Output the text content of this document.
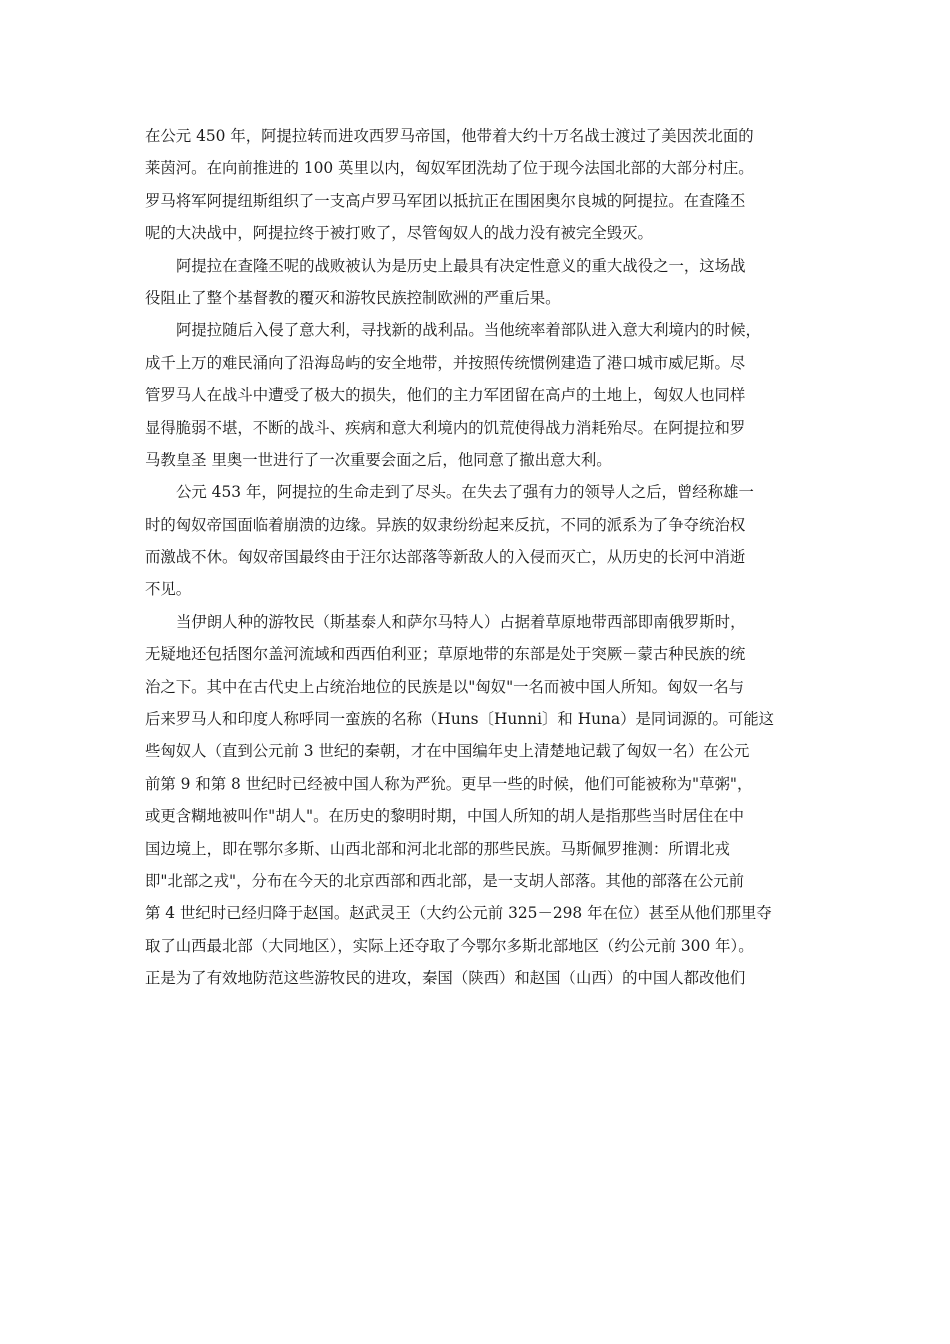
在公元 450 年，阿提拉转而进攻西罗马帝国，他带着大约十万名战士渡过了美因茨北面的
莱茵河。在向前推进的 100 英里以内，匈奴军团洗劫了位于现今法国北部的大部分村庄。
罗马将军阿提纽斯组织了一支高卢罗马军团以抵抗正在围困奥尔良城的阿提拉。在查隆丕
呢的大决战中，阿提拉终于被打败了，尽管匈奴人的战力没有被完全毁灭。

阿提拉在查隆丕呢的战败被认为是历史上最具有决定性意义的重大战役之一，这场战
役阻止了整个基督教的覆灭和游牧民族控制欧洲的严重后果。

阿提拉随后入侵了意大利，寻找新的战利品。当他统率着部队进入意大利境内的时候，
成千上万的难民涌向了沿海岛屿的安全地带，并按照传统惯例建造了港口城市威尼斯。尽
管罗马人在战斗中遭受了极大的损失，他们的主力军团留在高卢的土地上，匈奴人也同样
显得脆弱不堪，不断的战斗、疾病和意大利境内的饥荒使得战力消耗殆尽。在阿提拉和罗
马教皇圣 里奥一世进行了一次重要会面之后，他同意了撤出意大利。

公元 453 年，阿提拉的生命走到了尽头。在失去了强有力的领导人之后，曾经称雄一
时的匈奴帝国面临着崩溃的边缘。异族的奴隶纷纷起来反抗，不同的派系为了争夺统治权
而激战不休。匈奴帝国最终由于汪尔达部落等新敌人的入侵而灭亡，从历史的长河中消逝
不见。

当伊朗人种的游牧民（斯基泰人和萨尔马特人）占据着草原地带西部即南俄罗斯时，
无疑地还包括图尔盖河流域和西西伯利亚；草原地带的东部是处于突厥－蒙古种民族的统
治之下。其中在古代史上占统治地位的民族是以"匈奴"一名而被中国人所知。匈奴一名与
后来罗马人和印度人称呼同一蛮族的名称（Huns〔Hunni〕和 Huna）是同词源的。可能这
些匈奴人（直到公元前 3 世纪的秦朝，才在中国编年史上清楚地记载了匈奴一名）在公元
前第 9 和第 8 世纪时已经被中国人称为严狁。更早一些的时候，他们可能被称为"草粥"，
或更含糊地被叫作"胡人"。在历史的黎明时期，中国人所知的胡人是指那些当时居住在中
国边境上，即在鄂尔多斯、山西北部和河北北部的那些民族。马斯佩罗推测：所谓北戎
即"北部之戎"，分布在今天的北京西部和西北部，是一支胡人部落。其他的部落在公元前
第 4 世纪时已经归降于赵国。赵武灵王（大约公元前 325－298 年在位）甚至从他们那里夺
取了山西最北部（大同地区），实际上还夺取了今鄂尔多斯北部地区（约公元前 300 年）。
正是为了有效地防范这些游牧民的进攻，秦国（陕西）和赵国（山西）的中国人都改他们
